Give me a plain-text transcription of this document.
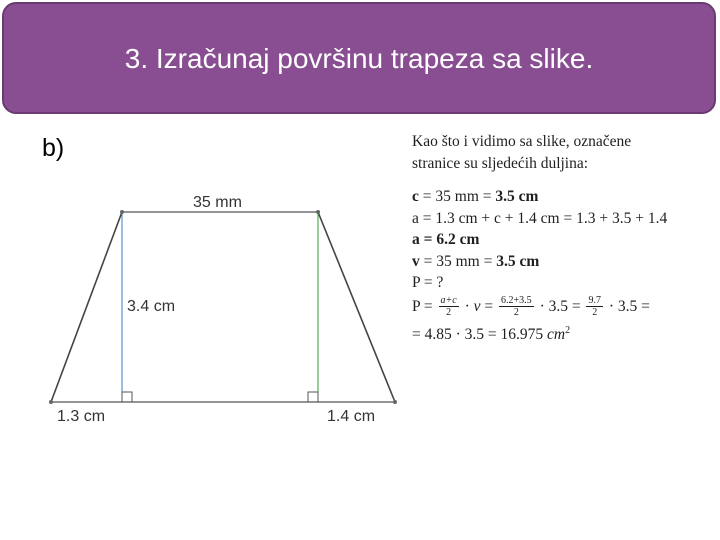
3. Izračunaj površinu trapeza sa slike.
b)
35 mm
3.4 cm
1.3 cm	1.4 cm
Kao što i vidimo sa slike, označene
stranice su sljedećih duljina:
c = 35 mm = 3.5 cm
a = 1.3 cm + c + 1.4 cm = 1.3 + 3.5 + 1.4
a = 6.2 cm
v = 35 mm = 3.5 cm
P = ?
$P = \frac{a+c}{2} \cdot v = \frac{6.2+3.5}{2} \cdot 3.5 = \frac{9.7}{2} \cdot 3.5$ =
= 4.85 · 3.5 = 16.975 $cm^2$
